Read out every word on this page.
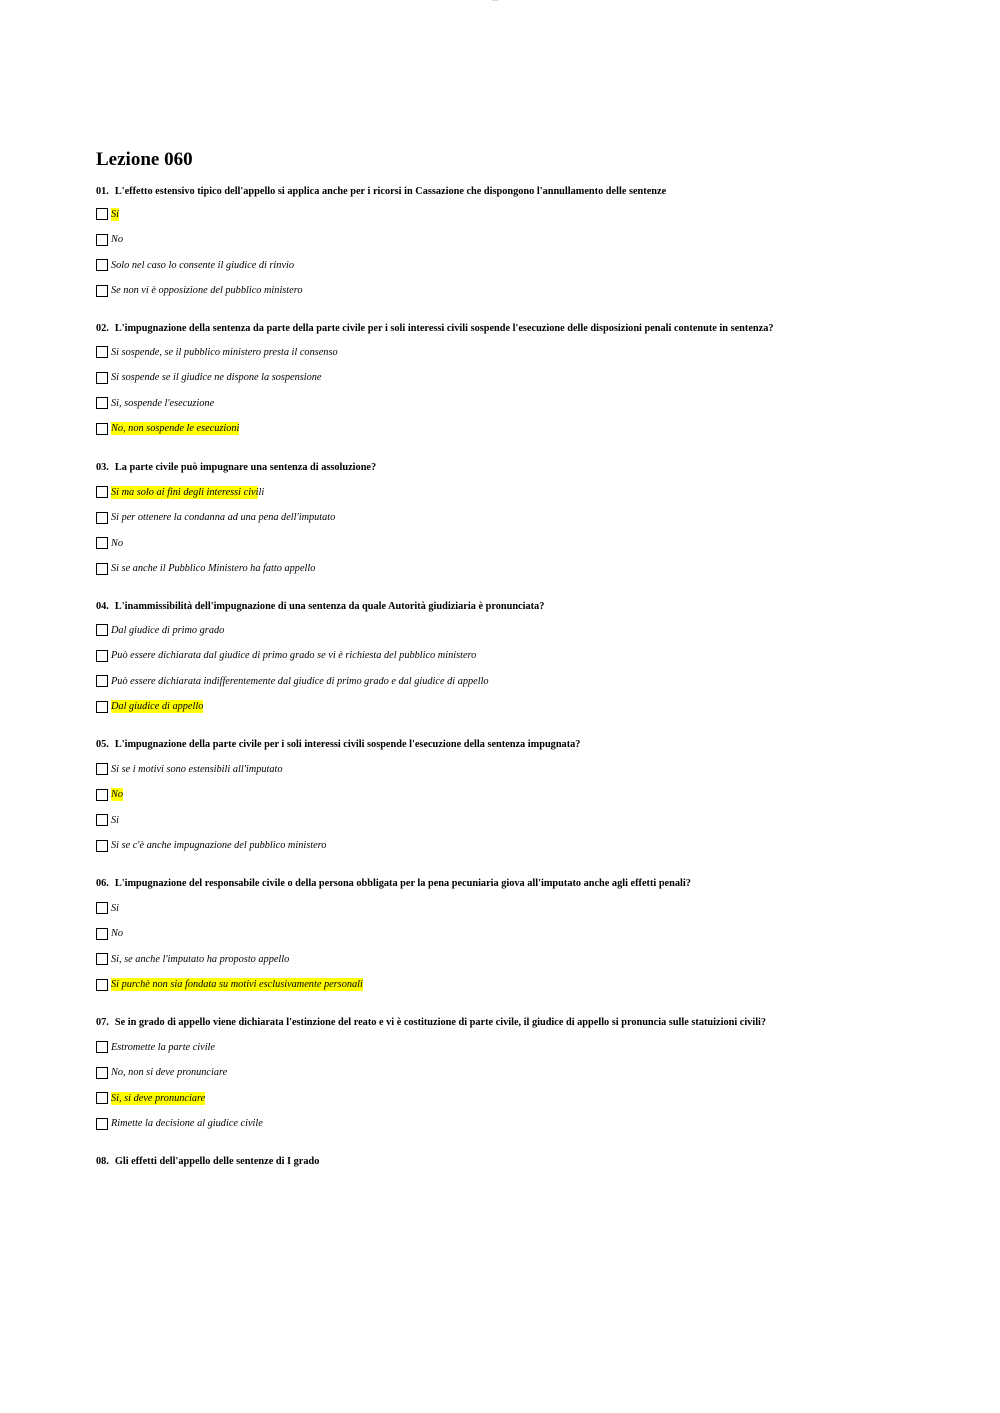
abc.co.it
Lezione 060
01. L'effetto estensivo tipico dell'appello si applica anche per i ricorsi in Cassazione che dispongono l'annullamento delle sentenze
Si
No
Solo nel caso lo consente il giudice di rinvio
Se non vi è opposizione del pubblico ministero
02. L'impugnazione della sentenza da parte della parte civile per i soli interessi civili sospende l'esecuzione delle disposizioni penali contenute in sentenza?
Si sospende, se il pubblico ministero presta il consenso
Si sospende se il giudice ne dispone la sospensione
Si, sospende l'esecuzione
No, non sospende le esecuzioni
03. La parte civile può impugnare una sentenza di assoluzione?
Si ma solo ai fini degli interessi civi li
Si per ottenere la condanna ad una pena dell'imputato
No
Si se anche il Pubblico Ministero ha fatto appello
04. L'inammissibilità dell'impugnazione di una sentenza da quale Autorità giudiziaria è pronunciata?
Dal giudice di primo grado
Può essere dichiarata dal giudice di primo grado se vi è richiesta del pubblico ministero
Può essere dichiarata indifferentemente dal giudice di primo grado e dal giudice di appello
Dal giudice di appello
05. L'impugnazione della parte civile per i soli interessi civili sospende l'esecuzione della sentenza impugnata?
Si se i motivi sono estensibili all'imputato
No
Si
Si se c'è anche impugnazione del pubblico ministero
06. L'impugnazione del responsabile civile o della persona obbligata per la pena pecuniaria giova all'imputato anche agli effetti penali?
Si
No
Si, se anche l'imputato ha proposto appello
Si purchè non sia fondata su motivi esclusivamente personali
07. Se in grado di appello viene dichiarata l'estinzione del reato e vi è costituzione di parte civile, il giudice di appello si pronuncia sulle statuizioni civili?
Estromette la parte civile
No, non si deve pronunciare
Si, si deve pronunciare
Rimette la decisione al giudice civile
08. Gli effetti dell'appello delle sentenze di I grado
